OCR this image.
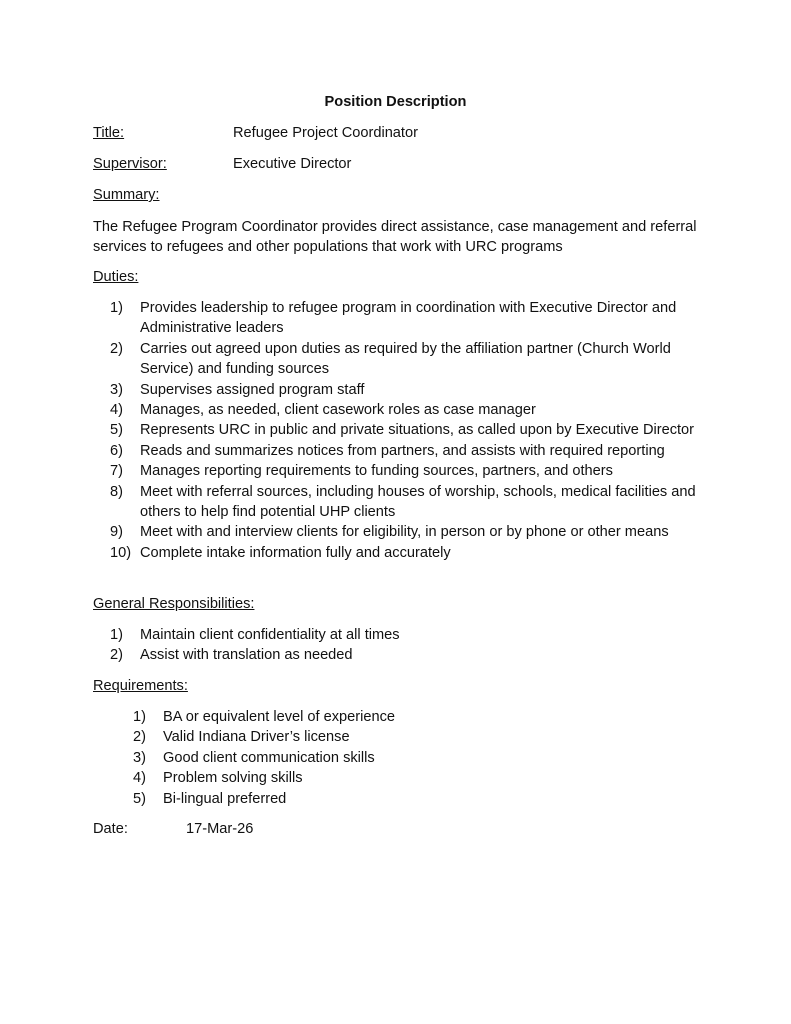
Position Description
Title:	Refugee Project Coordinator
Supervisor:	Executive Director
Summary:
The Refugee Program Coordinator provides direct assistance, case management and referral services to refugees and other populations that work with URC programs
Duties:
1)	Provides leadership to refugee program in coordination with Executive Director and Administrative leaders
2)	Carries out agreed upon duties as required by the affiliation partner (Church World Service) and funding sources
3)	Supervises assigned program staff
4)	Manages, as needed, client casework roles as case manager
5)	Represents URC in public and private situations, as called upon by Executive Director
6)	Reads and summarizes notices from partners, and assists with required reporting
7)	Manages reporting requirements to funding sources, partners, and others
8)	Meet with referral sources, including houses of worship, schools, medical facilities and others to help find potential UHP clients
9)	Meet with and interview clients for eligibility, in person or by phone or other means
10) Complete intake information fully and accurately
General Responsibilities:
1)	Maintain client confidentiality at all times
2)	Assist with translation as needed
Requirements:
1)	BA or equivalent level of experience
2)	Valid Indiana Driver’s license
3)	Good client communication skills
4)	Problem solving skills
5)	Bi-lingual preferred
Date:	17-Mar-26
